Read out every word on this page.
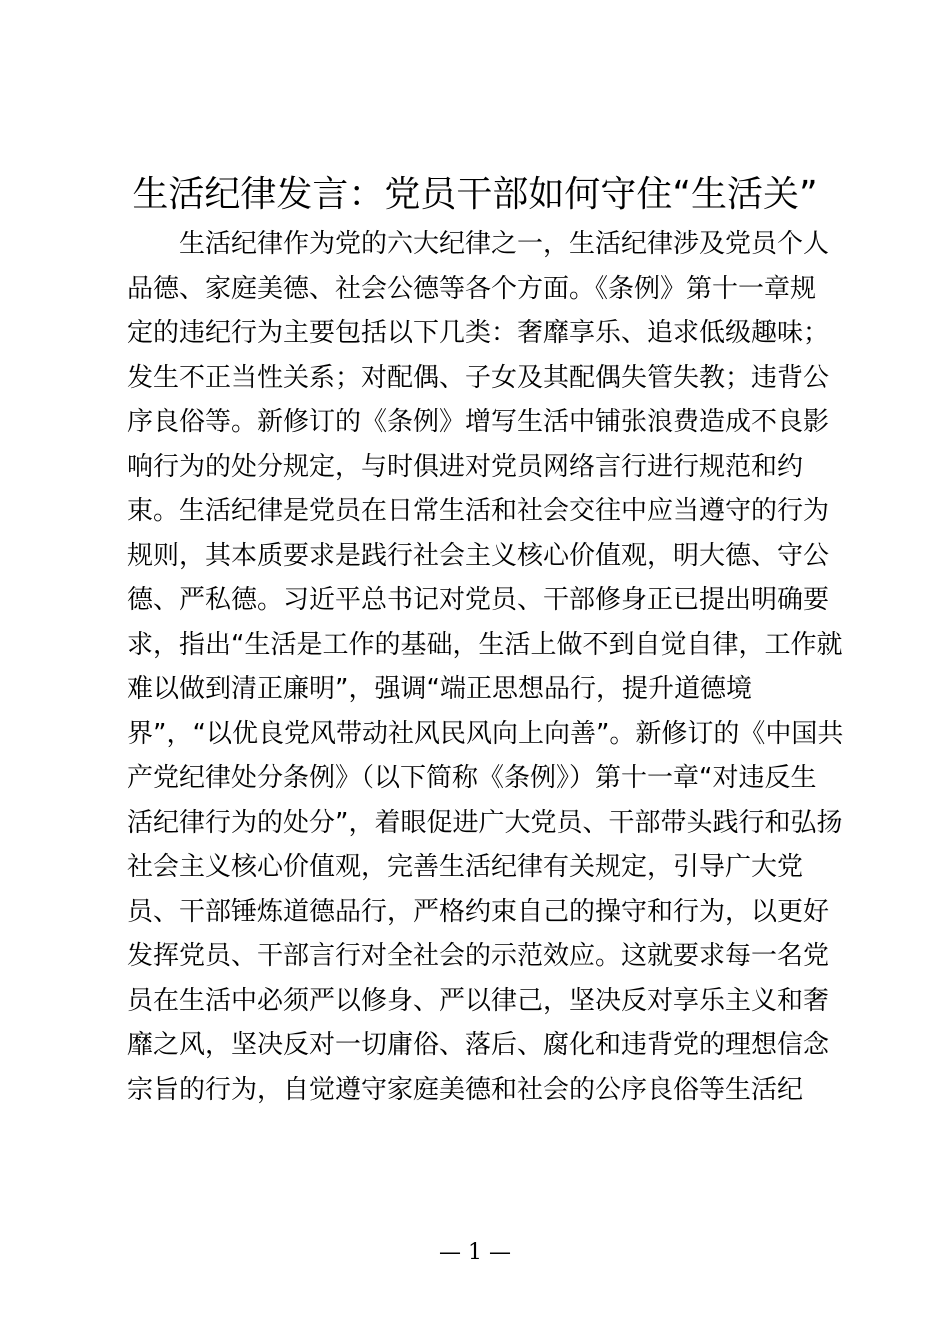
生活纪律发言：党员干部如何守住“生活关”
生活纪律作为党的六大纪律之一，生活纪律涉及党员个人
品德、家庭美德、社会公德等各个方面。《条例》第十一章规
定的违纪行为主要包括以下几类：奢靡享乐、追求低级趣味；
发生不正当性关系；对配偶、子女及其配偶失管失教；违背公
序良俗等。新修订的《条例》增写生活中铺张浪费造成不良影
响行为的处分规定，与时俱进对党员网络言行进行规范和约
束。生活纪律是党员在日常生活和社会交往中应当遵守的行为
规则，其本质要求是践行社会主义核心价值观，明大德、守公
德、严私德。习近平总书记对党员、干部修身正已提出明确要
求，指出“生活是工作的基础，生活上做不到自觉自律，工作就
难以做到清正廉明”，强调“端正思想品行，提升道德境
界”，“以优良党风带动社风民风向上向善”。新修订的《中国共
产党纪律处分条例》（以下简称《条例》）第十一章“对违反生
活纪律行为的处分”，着眼促进广大党员、干部带头践行和弘扬
社会主义核心价值观，完善生活纪律有关规定，引导广大党
员、干部锤炼道德品行，严格约束自己的操守和行为，以更好
发挥党员、干部言行对全社会的示范效应。这就要求每一名党
员在生活中必须严以修身、严以律己，坚决反对享乐主义和奢
靡之风，坚决反对一切庸俗、落后、腐化和违背党的理想信念
宗旨的行为，自觉遵守家庭美德和社会的公序良俗等生活纪
— 1 —
